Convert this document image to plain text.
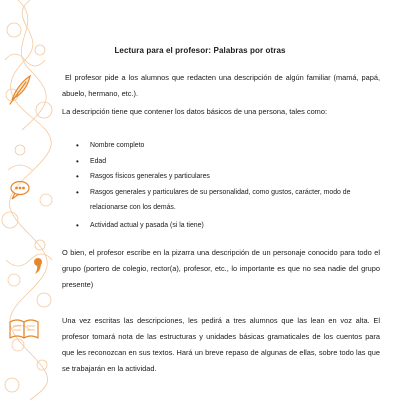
Lectura para el profesor: Palabras por otras

El profesor pide a los alumnos que redacten una descripción de algún familiar (mamá, papá, abuelo, hermano, etc.).

La descripción tiene que contener los datos básicos de una persona, tales como:

• Nombre completo
• Edad
• Rasgos físicos generales y particulares
• Rasgos generales y particulares de su personalidad, como gustos, carácter, modo de relacionarse con los demás.
• Actividad actual y pasada (si la tiene)

O bien, el profesor escribe en la pizarra una descripción de un personaje conocido para todo el grupo (portero de colegio, rector(a), profesor, etc., lo importante es que no sea nadie del grupo presente)

Una vez escritas las descripciones, les pedirá a tres alumnos que las lean en voz alta. El profesor tomará nota de las estructuras y unidades básicas gramaticales de los cuentos para que les reconozcan en sus textos. Hará un breve repaso de algunas de ellas, sobre todo las que se trabajarán en la actividad.
